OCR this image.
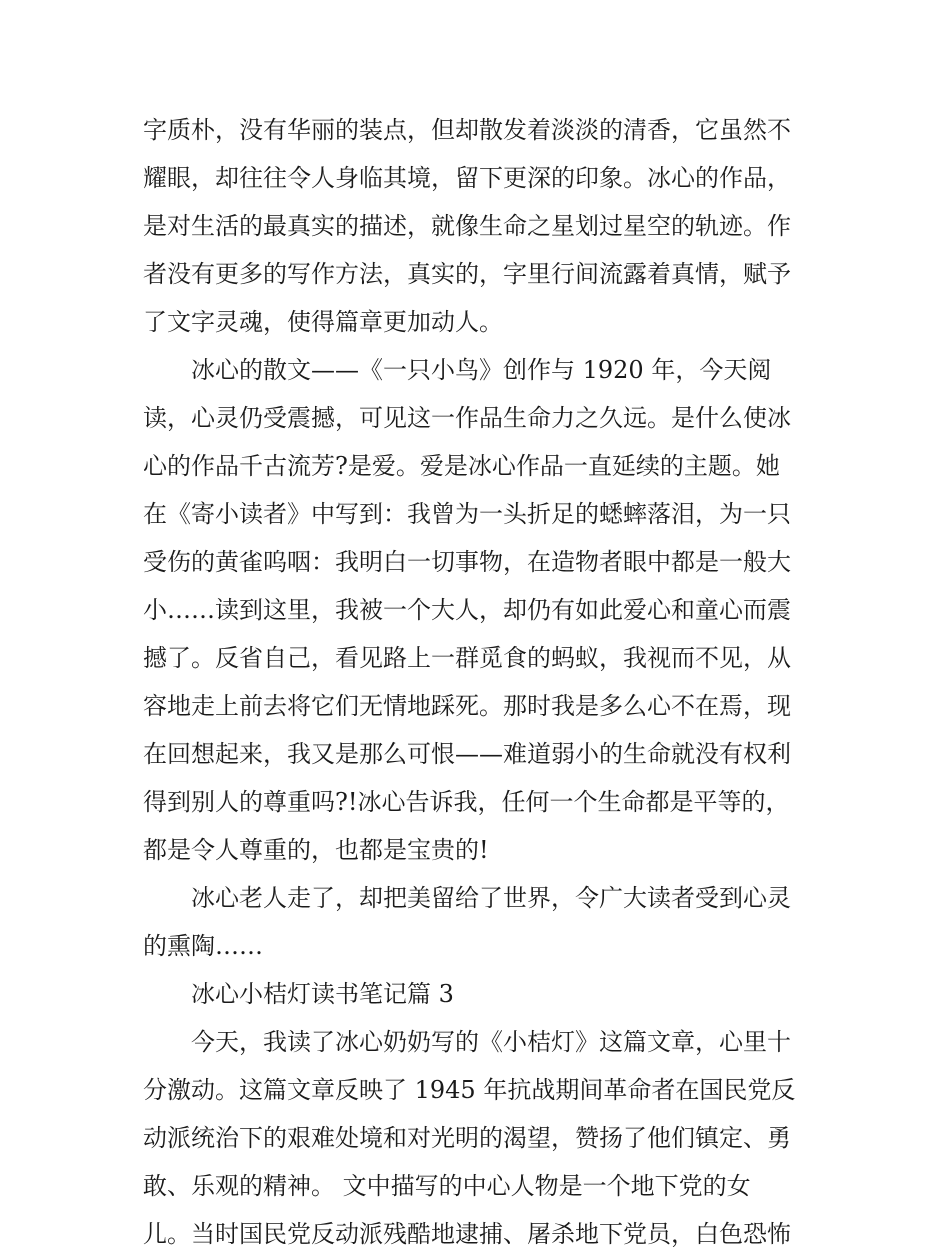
字质朴，没有华丽的装点，但却散发着淡淡的清香，它虽然不
耀眼，却往往令人身临其境，留下更深的印象。冰心的作品，
是对生活的最真实的描述，就像生命之星划过星空的轨迹。作
者没有更多的写作方法，真实的，字里行间流露着真情，赋予
了文字灵魂，使得篇章更加动人。
冰心的散文——《一只小鸟》创作与 1920 年，今天阅
读，心灵仍受震撼，可见这一作品生命力之久远。是什么使冰
心的作品千古流芳?是爱。爱是冰心作品一直延续的主题。她
在《寄小读者》中写到：我曾为一头折足的蟋蟀落泪，为一只
受伤的黄雀呜咽：我明白一切事物，在造物者眼中都是一般大
小……读到这里，我被一个大人，却仍有如此爱心和童心而震
撼了。反省自己，看见路上一群觅食的蚂蚁，我视而不见，从
容地走上前去将它们无情地踩死。那时我是多么心不在焉，现
在回想起来，我又是那么可恨——难道弱小的生命就没有权利
得到别人的尊重吗?!冰心告诉我，任何一个生命都是平等的，
都是令人尊重的，也都是宝贵的!
冰心老人走了，却把美留给了世界，令广大读者受到心灵
的熏陶……
冰心小桔灯读书笔记篇 3
今天，我读了冰心奶奶写的《小桔灯》这篇文章，心里十
分激动。这篇文章反映了 1945 年抗战期间革命者在国民党反
动派统治下的艰难处境和对光明的渴望，赞扬了他们镇定、勇
敢、乐观的精神。 文中描写的中心人物是一个地下党的女
儿。当时国民党反动派残酷地逮捕、屠杀地下党员，白色恐怖
